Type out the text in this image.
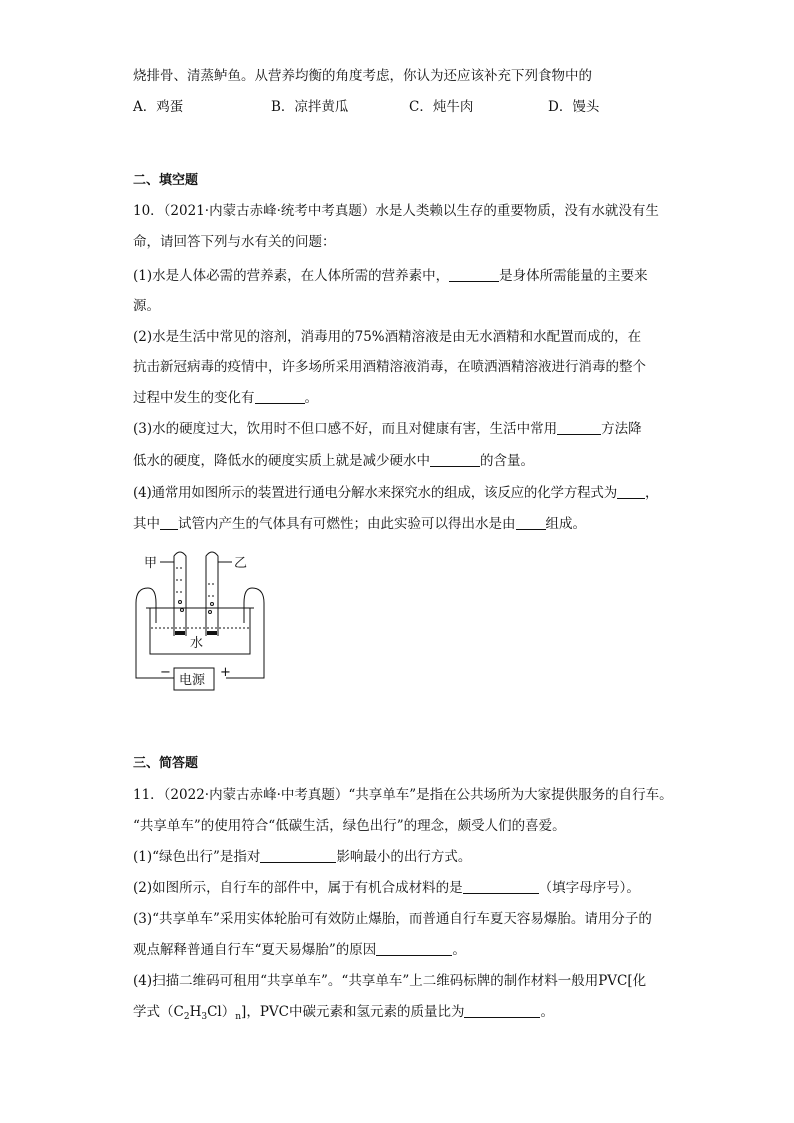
烧排骨、清蒸鲈鱼。从营养均衡的角度考虑，你认为还应该补充下列食物中的
A．鸡蛋	B．凉拌黄瓜	C．炖牛肉	D．馒头
二、填空题
10．（2021·内蒙古赤峰·统考中考真题）水是人类赖以生存的重要物质，没有水就没有生
命，请回答下列与水有关的问题：
(1)水是人体必需的营养素，在人体所需的营养素中，	是身体所需能量的主要来
源。
(2)水是生活中常见的溶剂，消毒用的75%酒精溶液是由无水酒精和水配置而成的，在
抗击新冠病毒的疫情中，许多场所采用酒精溶液消毒，在喷洒酒精溶液进行消毒的整个
过程中发生的变化有	。
(3)水的硬度过大，饮用时不但口感不好，而且对健康有害，生活中常用	方法降
低水的硬度，降低水的硬度实质上就是减少硬水中	的含量。
(4)通常用如图所示的装置进行通电分解水来探究水的组成，该反应的化学方程式为 ，
其中 试管内产生的气体具有可燃性；由此实验可以得出水是由 组成。
甲	乙
水
电源
−	+
三、简答题
11．（2022·内蒙古赤峰·中考真题）“共享单车”是指在公共场所为大家提供服务的自行车。
“共享单车”的使用符合“低碳生活，绿色出行”的理念，颇受人们的喜爱。
(1)“绿色出行”是指对	影响最小的出行方式。
(2)如图所示，自行车的部件中，属于有机合成材料的是	（填字母序号）。
(3)“共享单车”采用实体轮胎可有效防止爆胎，而普通自行车夏天容易爆胎。请用分子的
观点解释普通自行车“夏天易爆胎”的原因	。
(4)扫描二维码可租用“共享单车”。“共享单车”上二维码标牌的制作材料一般用PVC[化
学式$(C_2H_3Cl)_n$]，PVC中碳元素和氢元素的质量比为	。
